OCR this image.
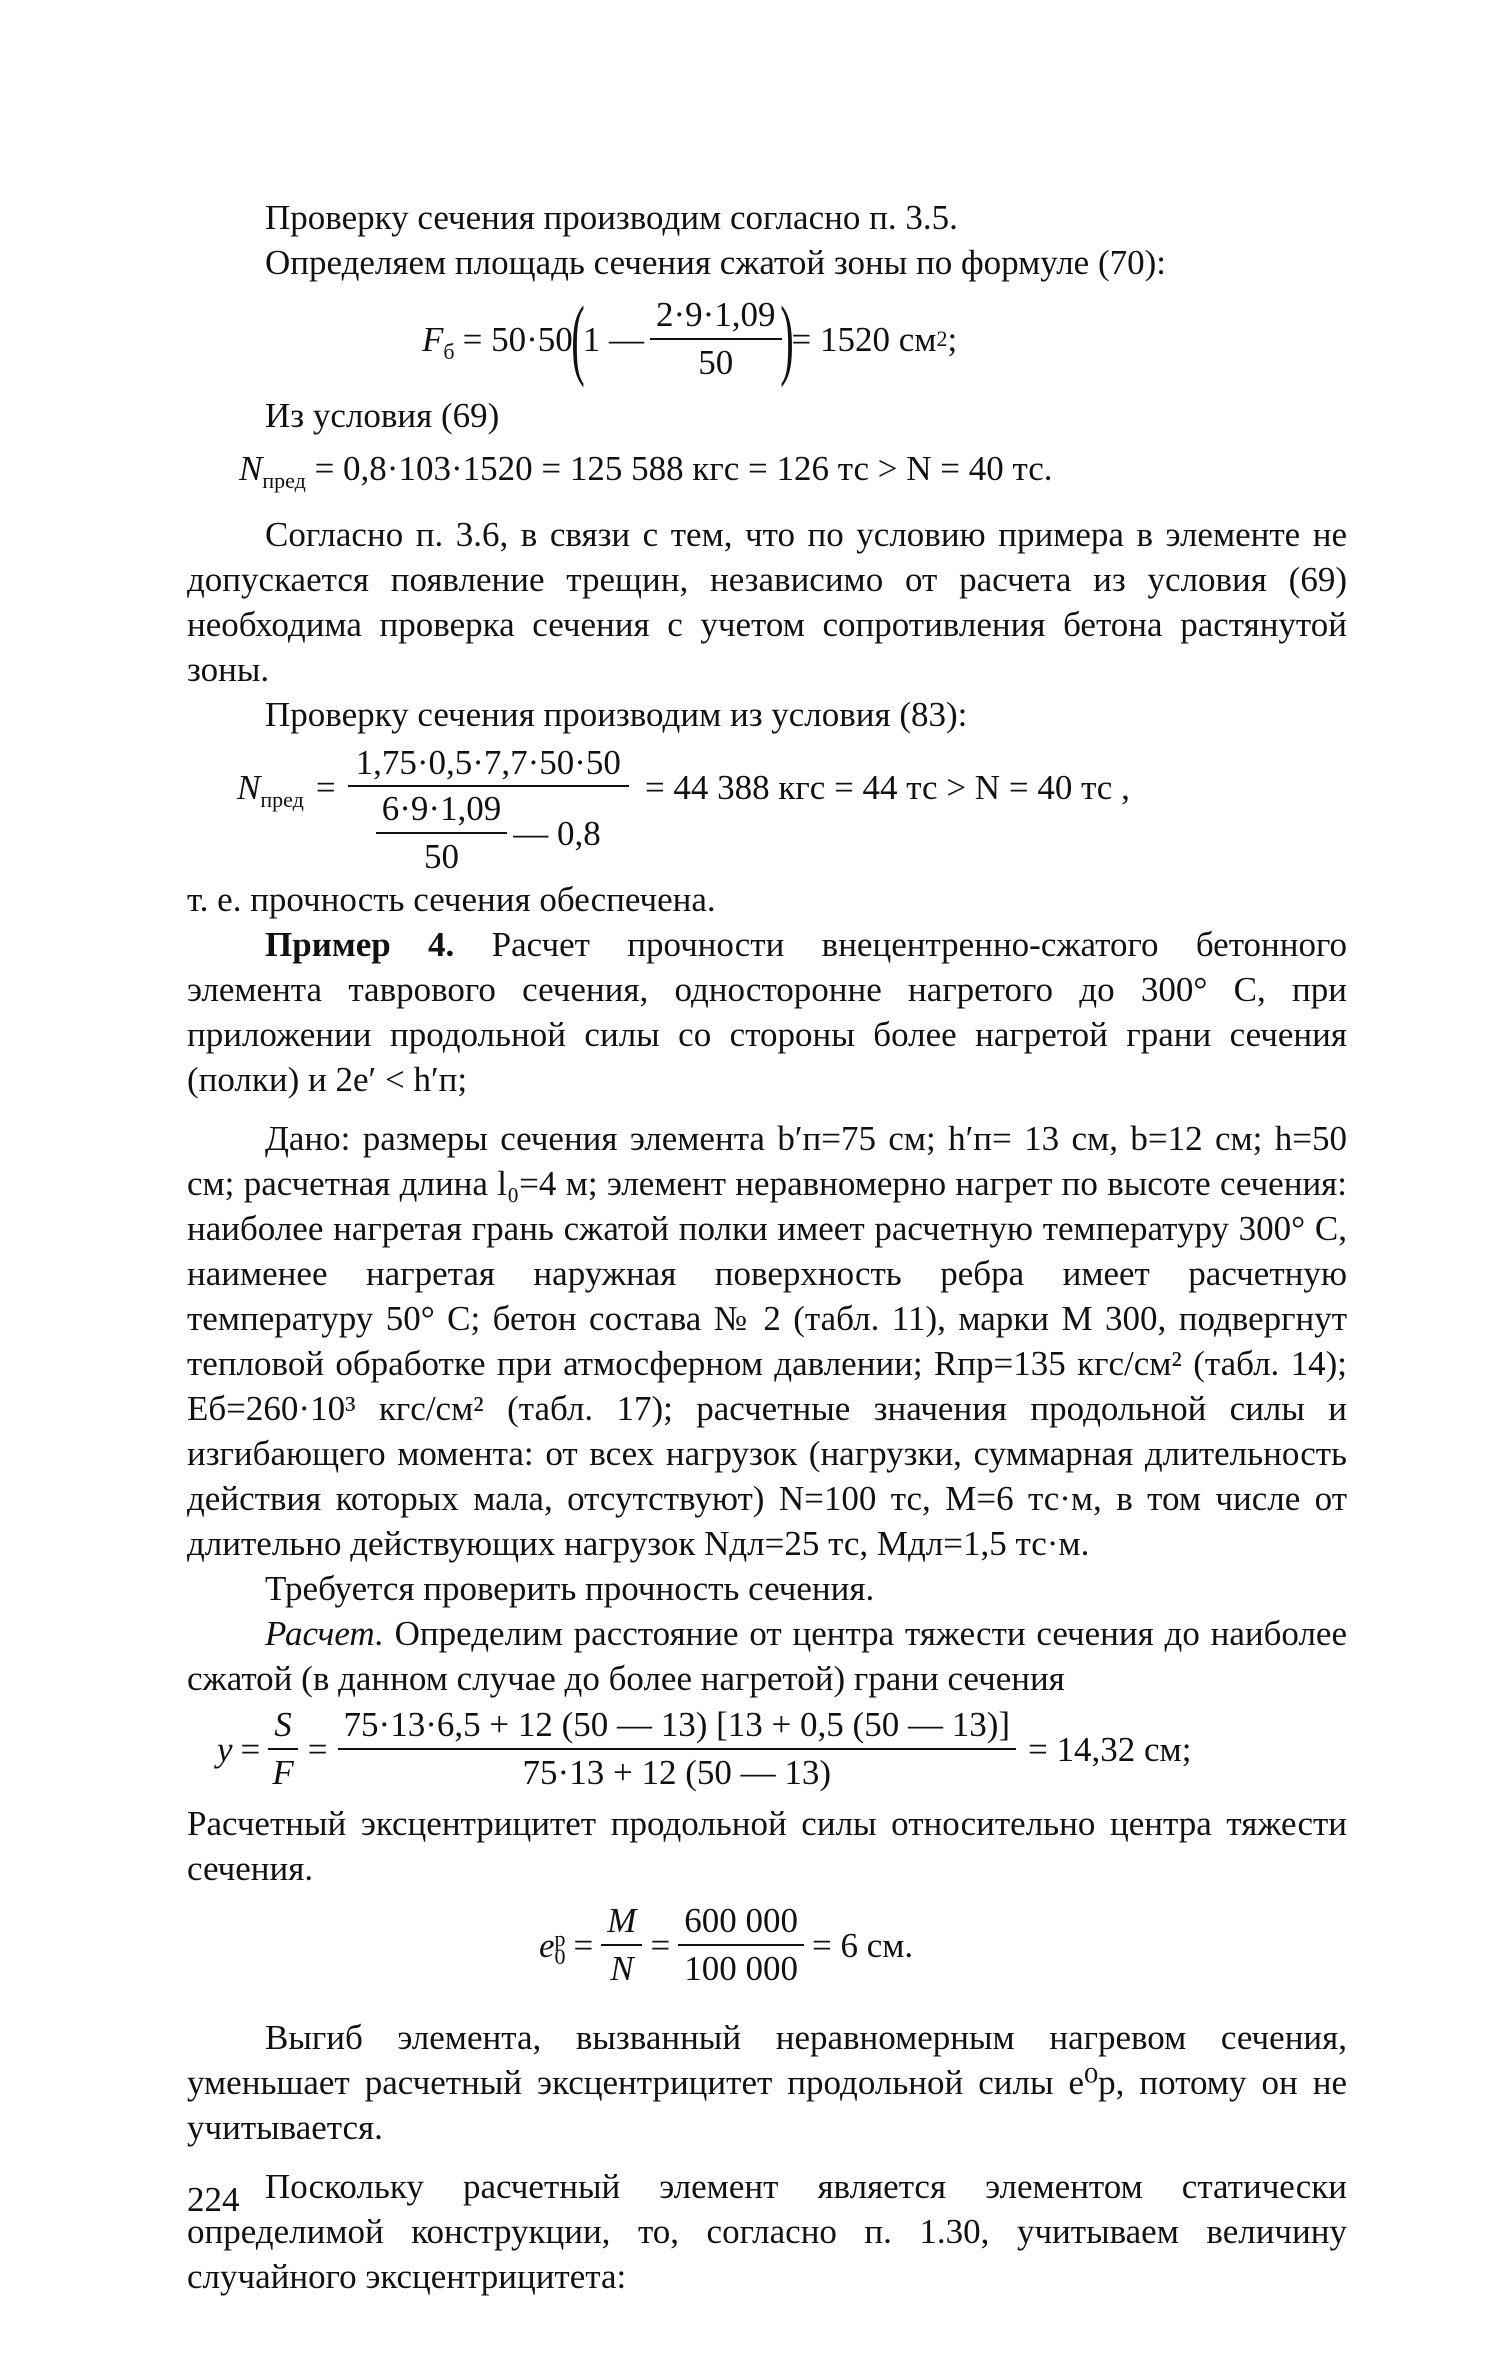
Проверку сечения производим согласно п. 3.5.

Определяем площадь сечения сжатой зоны по формуле (70):

$F_б = 50\cdot 50$
(
1 —
2·9·1,09
50 )
= 1520 см 2 ;

Из условия (69)

$N_{пред} = 0,8\cdot 103\cdot 1520 = 125$ 588 кгс = 126 тс > N = 40 тс.

Согласно п. 3.6, в связи с тем, что по условию примера в элементе не допускается появление трещин, независимо от расчета из условия (69) необходима проверка сечения с учетом сопротивления бетона растянутой зоны.

Проверку сечения производим из условия (83):

$N_{пред} = 1,75\cdot 0,5\cdot 7,7\cdot 50\cdot 50$
6·9·1,09
50
— 0,8 = 44 388 кгс = 44 тс > N = 40 тс ,

т. е. прочность сечения обеспечена.

Пример 4. Расчет прочности внецентренно-сжатого бетонного элемента таврового сечения, односторонне нагретого до 300° С, при приложении продольной силы со стороны более нагретой грани сечения (полки) и 2e′ < h′п;

Дано: размеры сечения элемента b′п=75 см; h′п= 13 см, b=12 см; h=50 см; расчетная длина l₀=4 м; элемент неравномерно нагрет по высоте сечения: наиболее нагретая грань сжатой полки имеет расчетную температуру 300° С, наименее нагретая наружная поверхность ребра имеет расчетную температуру 50° С; бетон состава № 2 (табл. 11), марки М 300, подвергнут тепловой обработке при атмосферном давлении; Rпр=135 кгс/см² (табл. 14); Еб=260·10³ кгс/см² (табл. 17); расчетные значения продольной силы и изгибающего момента: от всех нагрузок (нагрузки, суммарная длительность действия которых мала, отсутствуют) N=100 тс, М=6 тс·м, в том числе от длительно действующих нагрузок Nдл=25 тс, Мдл=1,5 тс·м.

Требуется проверить прочность сечения.

Расчет. Определим расстояние от центра тяжести сечения до наиболее сжатой (в данном случае до более нагретой) грани сечения

$y = \frac{S}{F} = \frac{75\cdot 13\cdot 6,5 + 12 (50 — 13) [13 + 0,5 (50 — 13)]}{75\cdot 13 + 12 (50 — 13)} = 14,32$ см;

Расчетный эксцентрицитет продольной силы относительно центра тяжести сечения.

e p
$0 = \frac{M}{N} = \frac{600 000}{100 000} = 6$ см.

Выгиб элемента, вызванный неравномерным нагревом сечения, уменьшает расчетный эксцентрицитет продольной силы e⁰р, потому он не учитывается.

Поскольку расчетный элемент является элементом статически определимой конструкции, то, согласно п. 1.30, учитываем величину случайного эксцентрицитета:

224
